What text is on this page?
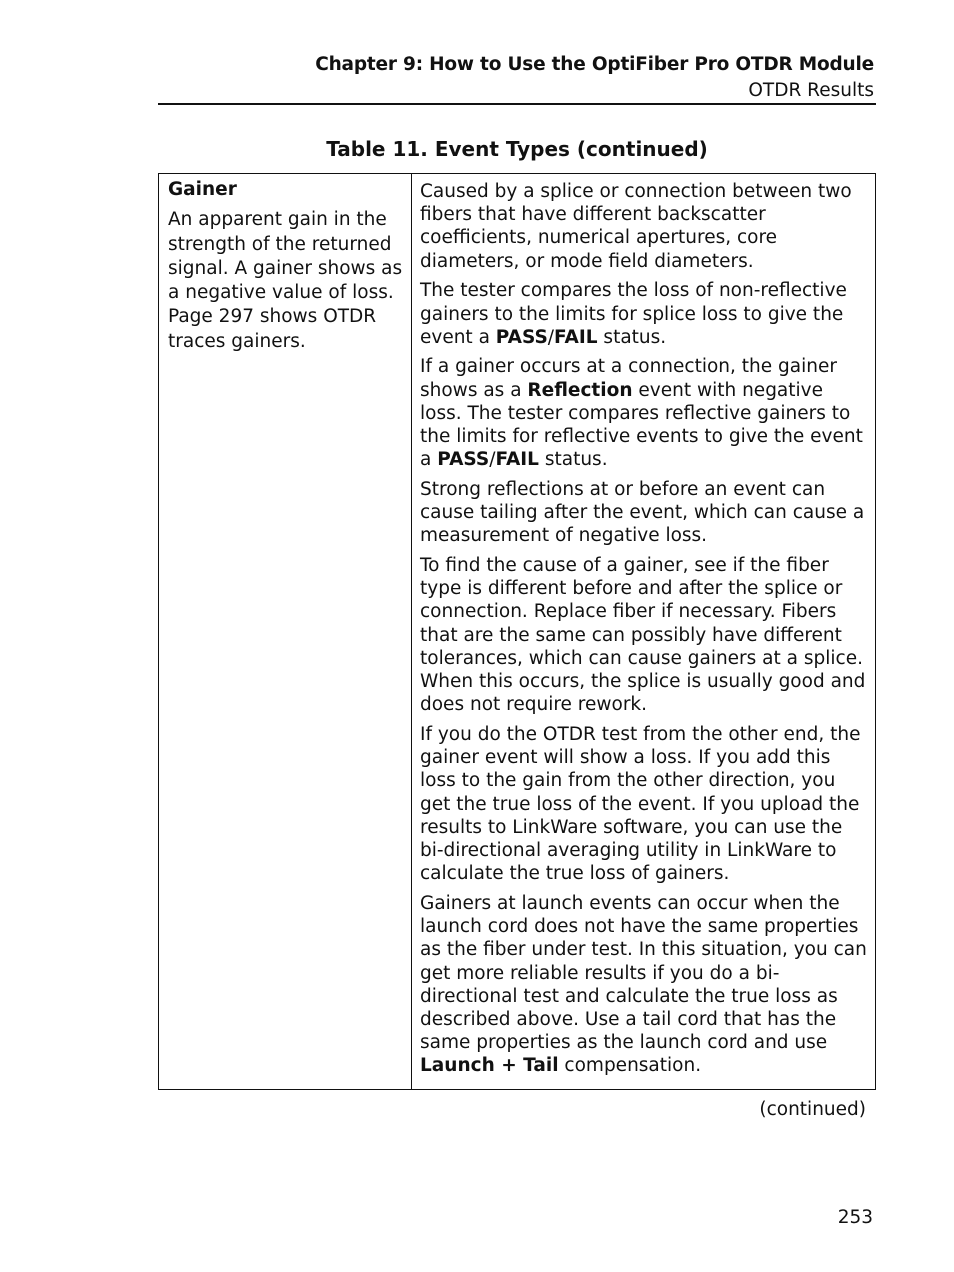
Chapter 9: How to Use the OptiFiber Pro OTDR Module
OTDR Results
Table 11. Event Types (continued)
Gainer
An apparent gain in the strength of the returned signal. A gainer shows as a negative value of loss. Page 297 shows OTDR traces gainers.

Caused by a splice or connection between two fibers that have different backscatter coefficients, numerical apertures, core diameters, or mode field diameters.

The tester compares the loss of non-reflective gainers to the limits for splice loss to give the event a PASS/FAIL status.

If a gainer occurs at a connection, the gainer shows as a Reflection event with negative loss. The tester compares reflective gainers to the limits for reflective events to give the event a PASS/FAIL status.

Strong reflections at or before an event can cause tailing after the event, which can cause a measurement of negative loss.

To find the cause of a gainer, see if the fiber type is different before and after the splice or connection. Replace fiber if necessary. Fibers that are the same can possibly have different tolerances, which can cause gainers at a splice. When this occurs, the splice is usually good and does not require rework.

If you do the OTDR test from the other end, the gainer event will show a loss. If you add this loss to the gain from the other direction, you get the true loss of the event. If you upload the results to LinkWare software, you can use the bi-directional averaging utility in LinkWare to calculate the true loss of gainers.

Gainers at launch events can occur when the launch cord does not have the same properties as the fiber under test. In this situation, you can get more reliable results if you do a bi-directional test and calculate the true loss as described above. Use a tail cord that has the same properties as the launch cord and use Launch + Tail compensation.

(continued)
253
